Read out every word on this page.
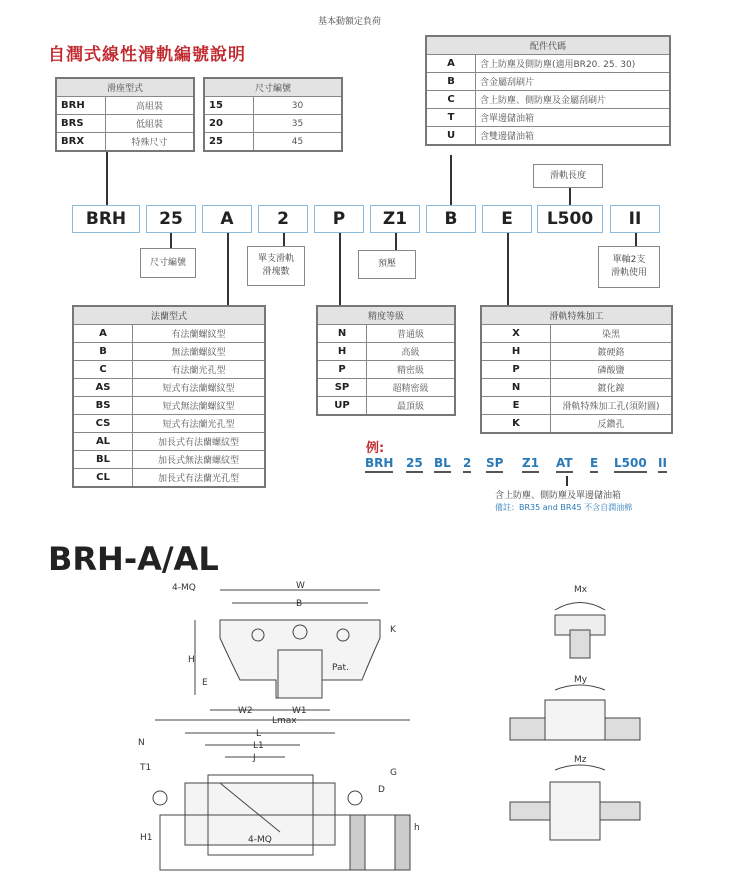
基本動額定負荷
自潤式線性滑軌編號說明
滑座型式	
BRH	高組裝
BRS	低組裝
BRX	特殊尺寸
尺寸編號	
15	30
20	35
25	45
配件代碼	
A	含上防塵及側防塵(適用BR20. 25. 30)
B	含金屬刮刷片
C	含上防塵、側防塵及金屬刮刷片
T	含單邊儲油箱
U	含雙邊儲油箱
滑軌長度
BRH	25	A	2	P	Z1	B	E	L500	II
尺寸編號	單支滑軌
滑塊數
預壓	單軸2支
滑軌使用
法蘭型式	
A	有法蘭螺紋型
B	無法蘭螺紋型
C	有法蘭光孔型
AS	短式有法蘭螺紋型
BS	短式無法蘭螺紋型
CS	短式有法蘭光孔型
AL	加長式有法蘭螺紋型
BL	加長式無法蘭螺紋型
CL	加長式有法蘭光孔型
精度等級	
N	普通級
H	高級
P	精密級
SP	超精密級
UP	最頂級
滑軌特殊加工	
X	染黑
H	鍍硬鉻
P	磷酸鹽
N	鍍化鎳
E	滑軌特殊加工孔(須附圖)
K	反鑽孔
例:
BRH 25 BL 2 SP Z1 AT E L500 II
含上防塵、側防塵及單邊儲油箱
備註：BR35 and BR45 不含自潤油棉
BRH-A/AL
4-MQ	W
B
H
E
W2	W1
Pat.
K
Lmax
L
L1
J
4-MQ
N
T1
H1
G
D
h
Mx
My
Mz
